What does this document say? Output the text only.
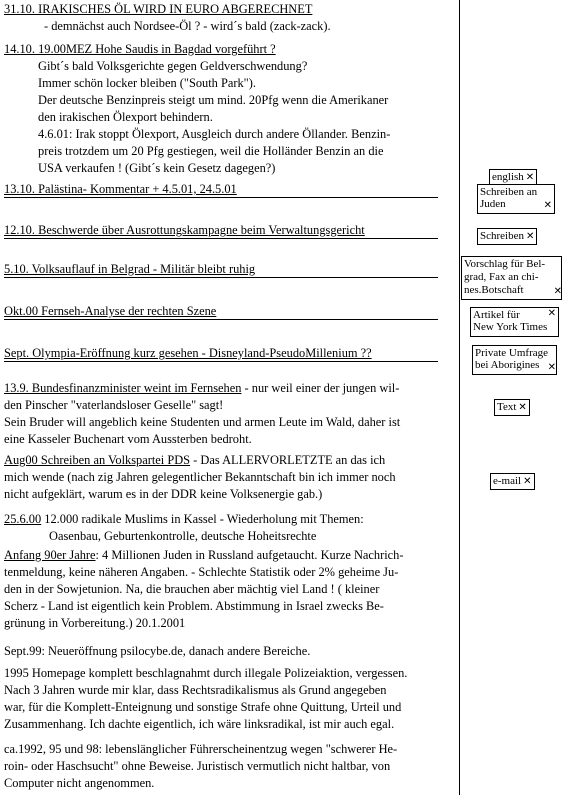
31.10. IRAKISCHES ÖL WIRD IN EURO ABGERECHNET
- demnächst auch Nordsee-Öl ? - wird´s bald (zack-zack).
14.10. 19.00MEZ Hohe Saudis in Bagdad vorgeführt ?
Gibt´s bald Volksgerichte gegen Geldverschwendung?
Immer schön locker bleiben ("South Park").
Der deutsche Benzinpreis steigt um mind. 20Pfg wenn die Amerikaner
den irakischen Ölexport behindern.
4.6.01: Irak stoppt Ölexport, Ausgleich durch andere Öllander. Benzin-
preis trotzdem um 20 Pfg gestiegen, weil die Holländer Benzin an die
USA verkaufen ! (Gibt´s kein Gesetz dagegen?)
13.10. Palästina- Kommentar + 4.5.01, 24.5.01
12.10. Beschwerde über Ausrottungskampagne beim Verwaltungsgericht
5.10. Volksauflauf in Belgrad - Militär bleibt ruhig
Okt.00 Fernseh-Analyse der rechten Szene
Sept. Olympia-Eröffnung kurz gesehen - Disneyland-PseudoMillenium ??
13.9. Bundesfinanzminister weint im Fernsehen - nur weil einer der jungen wil-
den Pinscher "vaterlandsloser Geselle" sagt!
Sein Bruder will angeblich keine Studenten und armen Leute im Wald, daher ist
eine Kasseler Buchenart vom Aussterben bedroht.
Aug00 Schreiben an Volkspartei PDS - Das ALLERVORLETZTE an das ich
mich wende (nach zig Jahren gelegentlicher Bekanntschaft bin ich immer noch
nicht aufgeklärt, warum es in der DDR keine Volksenergie gab.)
25.6.00 12.000 radikale Muslims in Kassel - Wiederholung mit Themen:
Oasenbau, Geburtenkontrolle, deutsche Hoheitsrechte
Anfang 90er Jahre: 4 Millionen Juden in Russland aufgetaucht. Kurze Nachrich-
tenmeldung, keine näheren Angaben. - Schlechte Statistik oder 2% geheime Ju-
den in der Sowjetunion. Na, die brauchen aber mächtig viel Land ! ( kleiner
Scherz - Land ist eigentlich kein Problem. Abstimmung in Israel zwecks Be-
grünung in Vorbereitung.) 20.1.2001
Sept.99: Neueröffnung psilocybe.de, danach andere Bereiche.
1995 Homepage komplett beschlagnahmt durch illegale Polizeiaktion, vergessen.
Nach 3 Jahren wurde mir klar, dass Rechtsradikalismus als Grund angegeben
war, für die Komplett-Enteignung und sonstige Strafe ohne Quittung, Urteil und
Zusammenhang. Ich dachte eigentlich, ich wäre linksradikal, ist mir auch egal.
ca.1992, 95 und 98: lebenslänglicher Führerscheinentzug wegen "schwerer He-
roin- oder Haschsucht" ohne Beweise. Juristisch vermutlich nicht haltbar, von
Computer nicht angenommen.
english ✕
Schreiben an
Juden	✕
Schreiben ✕
Vorschlag für Bel-
grad, Fax an chi-
nes.Botschaft	✕
Artikel für
New York Times
✕
Private Umfrage
bei Aborigines ✕
Text ✕
e-mail ✕
